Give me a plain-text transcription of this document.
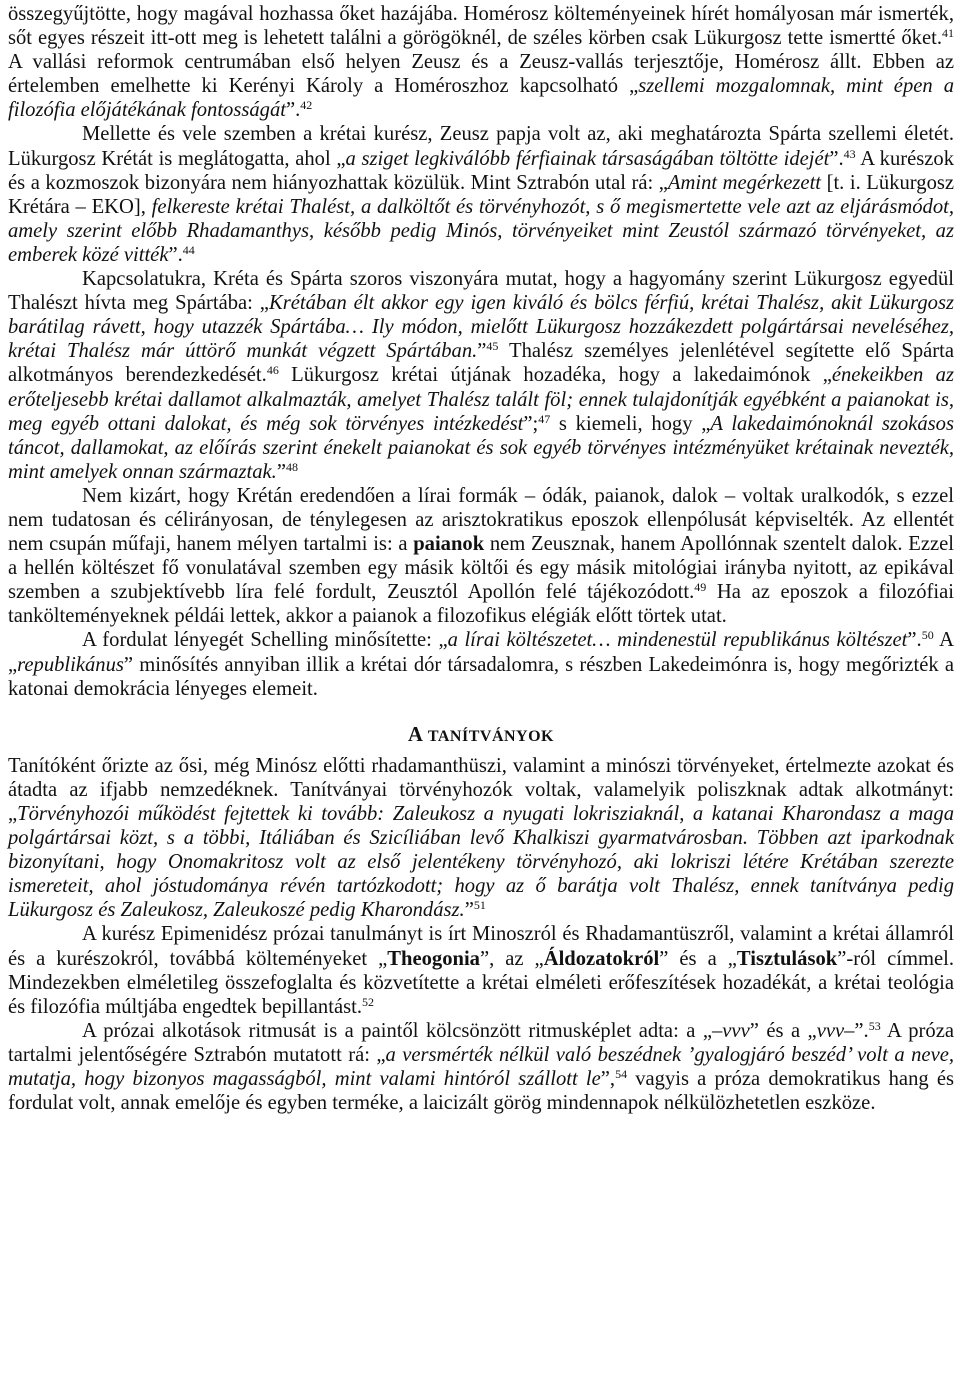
összegyűjtötte, hogy magával hozhassa őket hazájába. Homérosz költeményeinek hírét homályosan már ismerték, sőt egyes részeit itt-ott meg is lehetett találni a görögöknél, de széles körben csak Lükurgosz tette ismertté őket.$^{41}$ A vallási reformok centrumában első helyen Zeusz és a Zeusz-vallás terjesztője, Homérosz állt. Ebben az értelemben emelhette ki Kerényi Károly a Homéroszhoz kapcsolható „szellemi mozgalomnak, mint épen a filozófia előjátékának fontosságát”.$^{42}$

Mellette és vele szemben a krétai kurész, Zeusz papja volt az, aki meghatározta Spárta szellemi életét. Lükurgosz Krétát is meglátogatta, ahol „a sziget legkiválóbb férfiainak társaságában töltötte idejét”.$^{43}$ A kurészok és a kozmoszok bizonyára nem hiányozhattak közülük. Mint Sztrabón utal rá: „Amint megérkezett [t. i. Lükurgosz Krétára – EKO], felkereste krétai Thalést, a dalköltőt és törvényhozót, s ő megismertette vele azt az eljárásmódot, amely szerint előbb Rhadamanthys, később pedig Minós, törvényeiket mint Zeustól származó törvényeket, az emberek közé vitték”.$^{44}$

Kapcsolatukra, Kréta és Spárta szoros viszonyára mutat, hogy a hagyomány szerint Lükurgosz egyedül Thalészt hívta meg Spártába: „Krétában élt akkor egy igen kiváló és bölcs férfiú, krétai Thalész, akit Lükurgosz barátilag rávett, hogy utazzék Spártába… Ily módon, mielőtt Lükurgosz hozzákezdett polgártársai neveléséhez, krétai Thalész már úttörő munkát végzett Spártában.”$^{45}$ Thalész személyes jelenlétével segítette elő Spárta alkotmányos berendezkedését.$^{46}$ Lükurgosz krétai útjának hozadéka, hogy a lakedaimónok „énekeikben az erőteljesebb krétai dallamot alkalmazták, amelyet Thalész talált föl; ennek tulajdonítják egyébként a paianokat is, meg egyéb ottani dalokat, és még sok törvényes intézkedést”;$^{47}$ s kiemeli, hogy „A lakedaimónoknál szokásos táncot, dallamokat, az előírás szerint énekelt paianokat és sok egyéb törvényes intézményüket krétainak nevezték, mint amelyek onnan származtak.”$^{48}$

Nem kizárt, hogy Krétán eredendően a lírai formák – ódák, paianok, dalok – voltak uralkodók, s ezzel nem tudatosan és célirányosan, de ténylegesen az arisztokratikus eposzok ellenpólusát képviselték. Az ellentét nem csupán műfaji, hanem mélyen tartalmi is: a paianok nem Zeusznak, hanem Apollónnak szentelt dalok. Ezzel a hellén költészet fő vonulatával szemben egy másik költői és egy másik mitológiai irányba nyitott, az epikával szemben a szubjektívebb líra felé fordult, Zeusztól Apollón felé tájékozódott.$^{49}$ Ha az eposzok a filozófiai tankölteményeknek példái lettek, akkor a paianok a filozofikus elégiák előtt törtek utat.

A fordulat lényegét Schelling minősítette: „a lírai költészetet… mindenestül republikánus költészet”.$^{50}$ A „republikánus” minősítés annyiban illik a krétai dór társadalomra, s részben Lakedeimónra is, hogy megőrizték a katonai demokrácia lényeges elemeit.

A TANÍTVÁNYOK

Tanítóként őrizte az ősi, még Minósz előtti rhadamanthüszi, valamint a minószi törvényeket, értelmezte azokat és átadta az ifjabb nemzedéknek. Tanítványai törvényhozók voltak, valamelyik poliszknak adtak alkotmányt: „Törvényhozói működést fejtettek ki tovább: Zaleukosz a nyugati lokrisziaknál, a katanai Kharondasz a maga polgártársai közt, s a többi, Itáliában és Szicíliában levő Khalkiszi gyarmatvárosban. Többen azt iparkodnak bizonyítani, hogy Onomakritosz volt az első jelentékeny törvényhozó, aki lokriszi létére Krétában szerezte ismereteit, ahol jóstudománya révén tartózkodott; hogy az ő barátja volt Thalész, ennek tanítványa pedig Lükurgosz és Zaleukosz, Zaleukoszé pedig Kharondász.”$^{51}$

A kurész Epimenidész prózai tanulmányt is írt Minoszról és Rhadamantüszről, valamint a krétai államról és a kurészokról, továbbá költeményeket „Theogonia”, az „Áldozatokról” és a „Tisztulások”-ról címmel. Mindezekben elméletileg összefoglalta és közvetítette a krétai elméleti erőfeszítések hozadékát, a krétai teológia és filozófia múltjába engedtek bepillantást.$^{52}$

A prózai alkotások ritmusát is a paintől kölcsönzött ritmusképlet adta: a „–vvv” és a „vvv–”.$^{53}$ A próza tartalmi jelentőségére Sztrabón mutatott rá: „a versmérték nélkül való beszédnek ’gyalogjáró beszéd’ volt a neve, mutatja, hogy bizonyos magasságból, mint valami hintóról szállott le”,$^{54}$ vagyis a próza demokratikus hang és fordulat volt, annak emelője és egyben terméke, a laicizált görög mindennapok nélkülözhetetlen eszköze.
